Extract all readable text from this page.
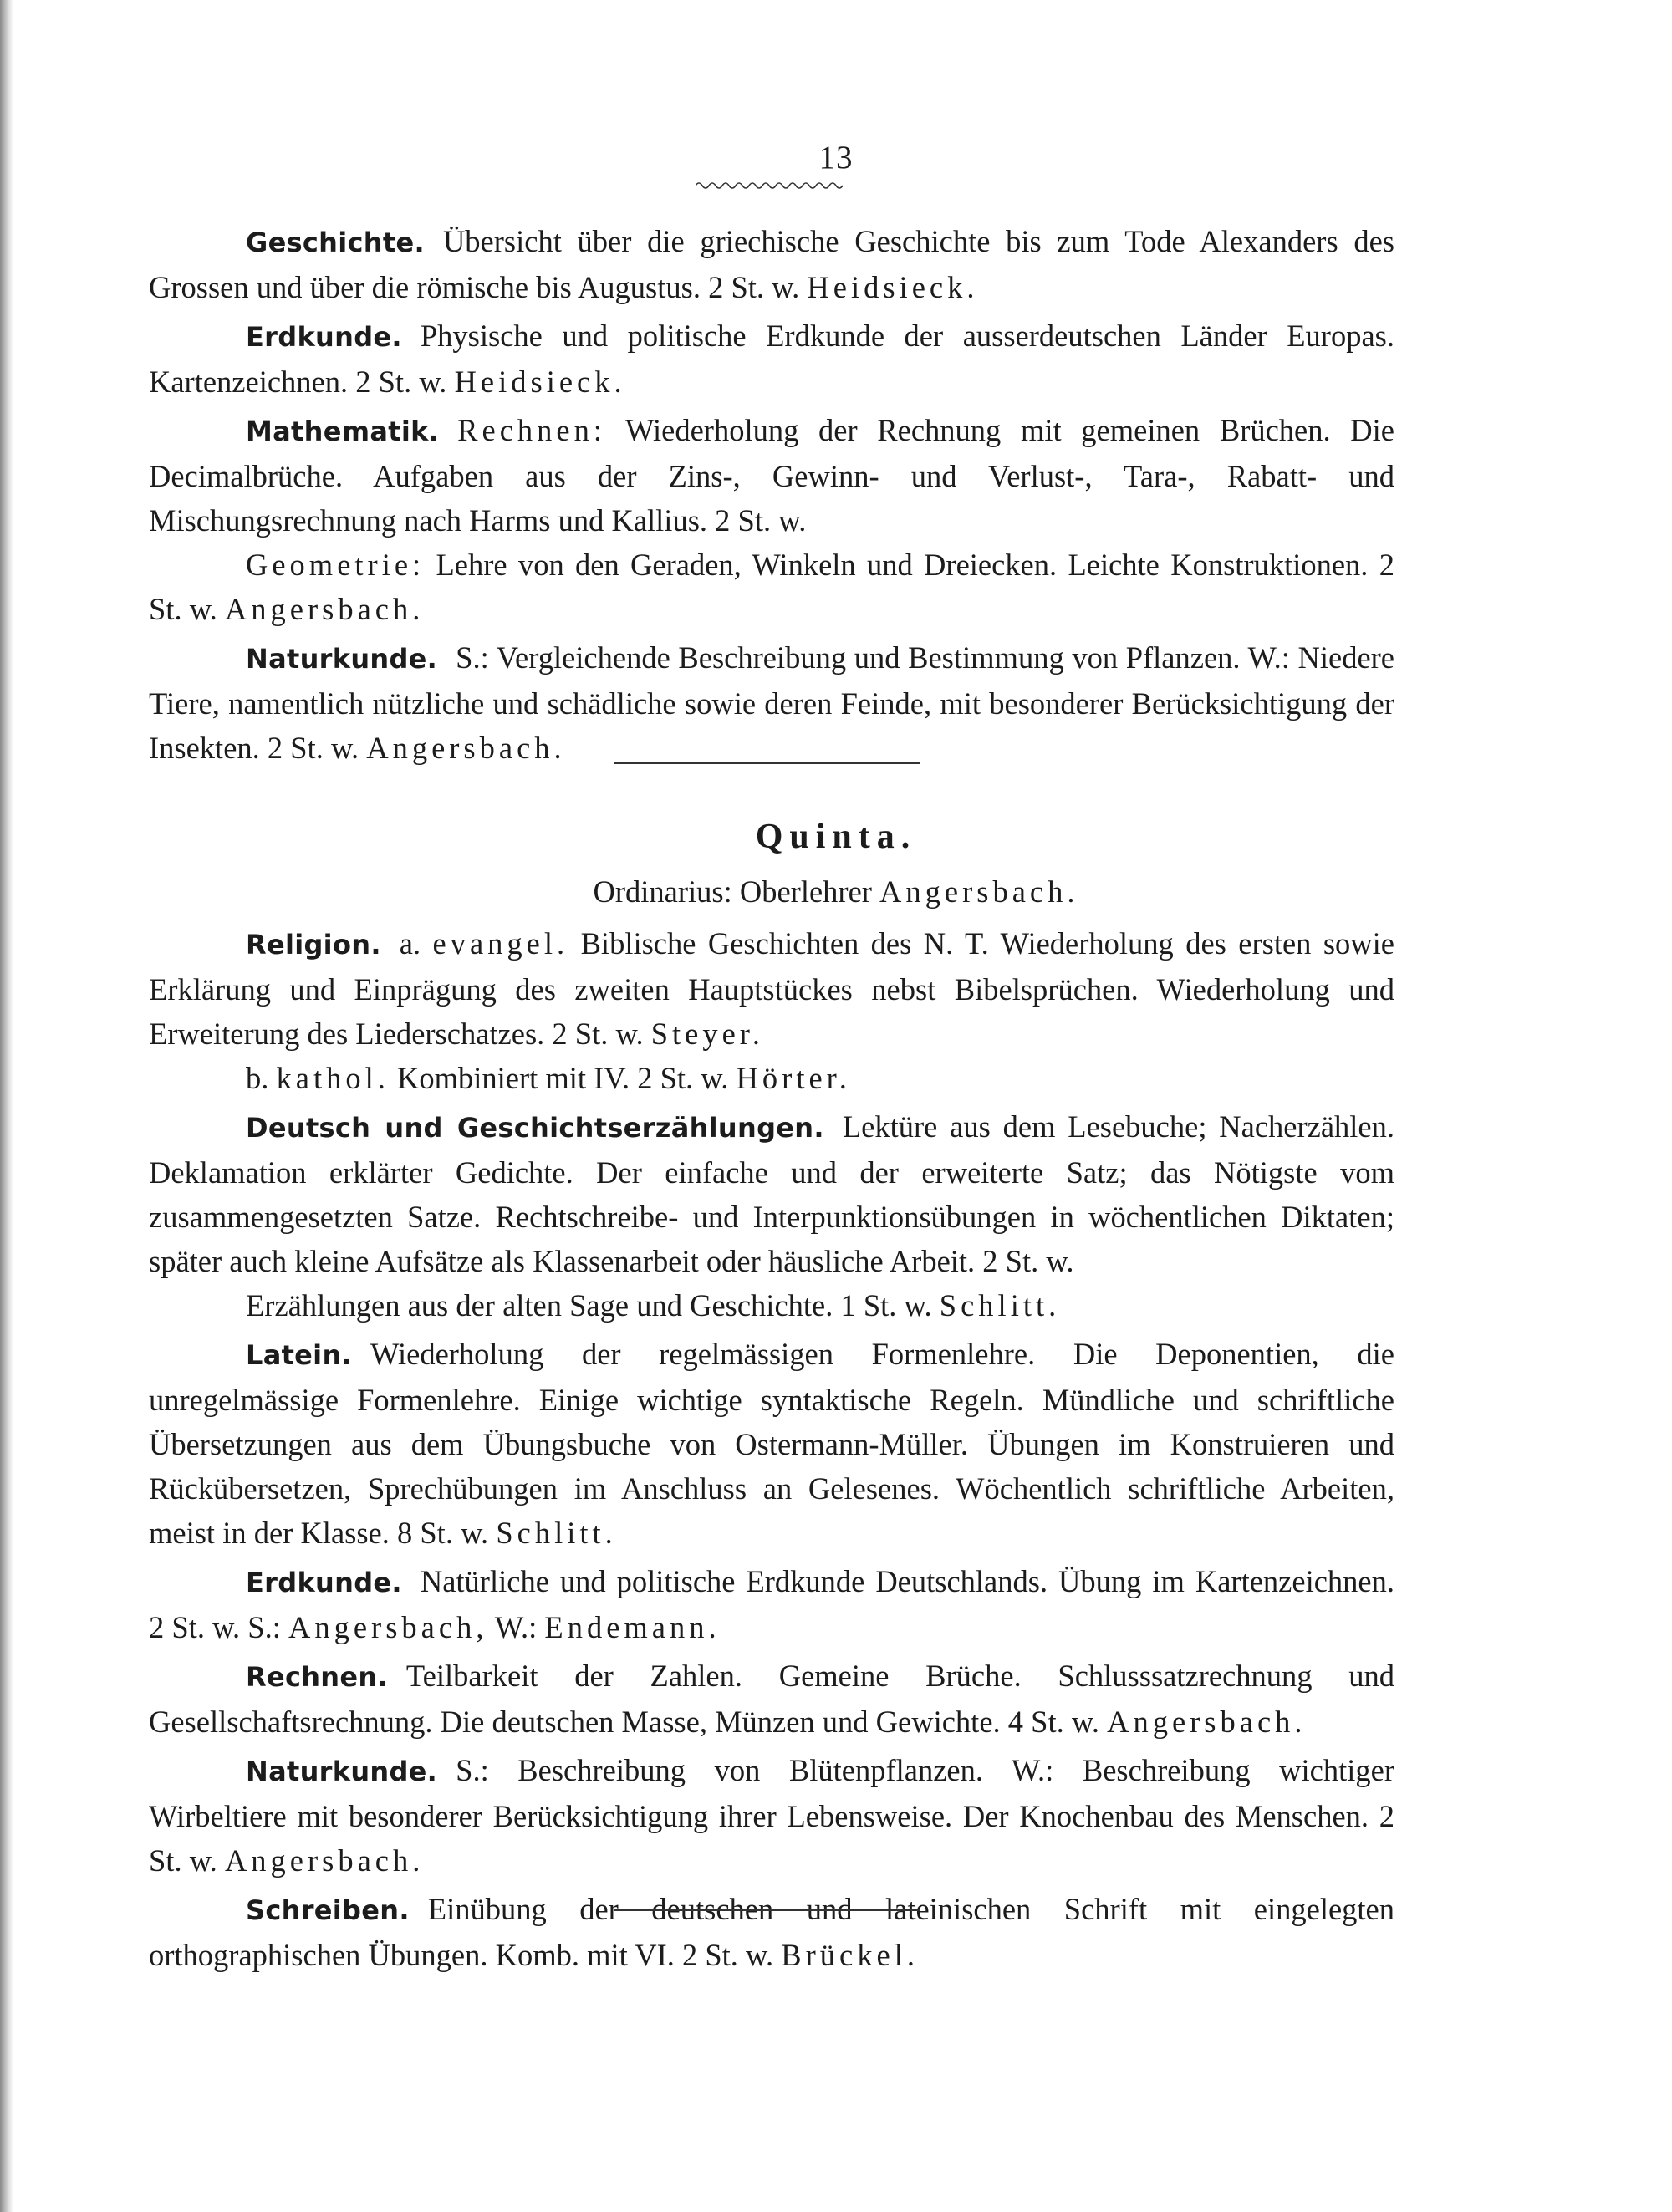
13

Geschichte. Übersicht über die griechische Geschichte bis zum Tode Alexanders des Grossen und über die römische bis Augustus. 2 St. w. Heidsieck.

Erdkunde. Physische und politische Erdkunde der ausserdeutschen Länder Europas. Kartenzeichnen. 2 St. w. Heidsieck.

Mathematik. Rechnen: Wiederholung der Rechnung mit gemeinen Brüchen. Die Decimalbrüche. Aufgaben aus der Zins-, Gewinn- und Verlust-, Tara-, Rabatt- und Mischungsrechnung nach Harms und Kallius. 2 St. w.

Geometrie: Lehre von den Geraden, Winkeln und Dreiecken. Leichte Konstruktionen. 2 St. w. Angersbach.

Naturkunde. S.: Vergleichende Beschreibung und Bestimmung von Pflanzen. W.: Niedere Tiere, namentlich nützliche und schädliche sowie deren Feinde, mit besonderer Berücksichtigung der Insekten. 2 St. w. Angersbach.

Quinta.
Ordinarius: Oberlehrer Angersbach.

Religion. a. evangel. Biblische Geschichten des N. T. Wiederholung des ersten sowie Erklärung und Einprägung des zweiten Hauptstückes nebst Bibelsprüchen. Wiederholung und Erweiterung des Liederschatzes. 2 St. w. Steyer.

b. kathol. Kombiniert mit IV. 2 St. w. Hörter.

Deutsch und Geschichtserzählungen. Lektüre aus dem Lesebuche; Nacherzählen. Deklamation erklärter Gedichte. Der einfache und der erweiterte Satz; das Nötigste vom zusammengesetzten Satze. Rechtschreibe- und Interpunktionsübungen in wöchentlichen Diktaten; später auch kleine Aufsätze als Klassenarbeit oder häusliche Arbeit. 2 St. w.

Erzählungen aus der alten Sage und Geschichte. 1 St. w. Schlitt.

Latein. Wiederholung der regelmässigen Formenlehre. Die Deponentien, die unregelmässige Formenlehre. Einige wichtige syntaktische Regeln. Mündliche und schriftliche Übersetzungen aus dem Übungsbuche von Ostermann-Müller. Übungen im Konstruieren und Rückübersetzen, Sprechübungen im Anschluss an Gelesenes. Wöchentlich schriftliche Arbeiten, meist in der Klasse. 8 St. w. Schlitt.

Erdkunde. Natürliche und politische Erdkunde Deutschlands. Übung im Kartenzeichnen. 2 St. w. S.: Angersbach, W.: Endemann.

Rechnen. Teilbarkeit der Zahlen. Gemeine Brüche. Schlusssatzrechnung und Gesellschaftsrechnung. Die deutschen Masse, Münzen und Gewichte. 4 St. w. Angersbach.

Naturkunde. S.: Beschreibung von Blütenpflanzen. W.: Beschreibung wichtiger Wirbeltiere mit besonderer Berücksichtigung ihrer Lebensweise. Der Knochenbau des Menschen. 2 St. w. Angersbach.

Schreiben. Einübung der deutschen und lateinischen Schrift mit eingelegten orthographischen Übungen. Komb. mit VI. 2 St. w. Brückel.
